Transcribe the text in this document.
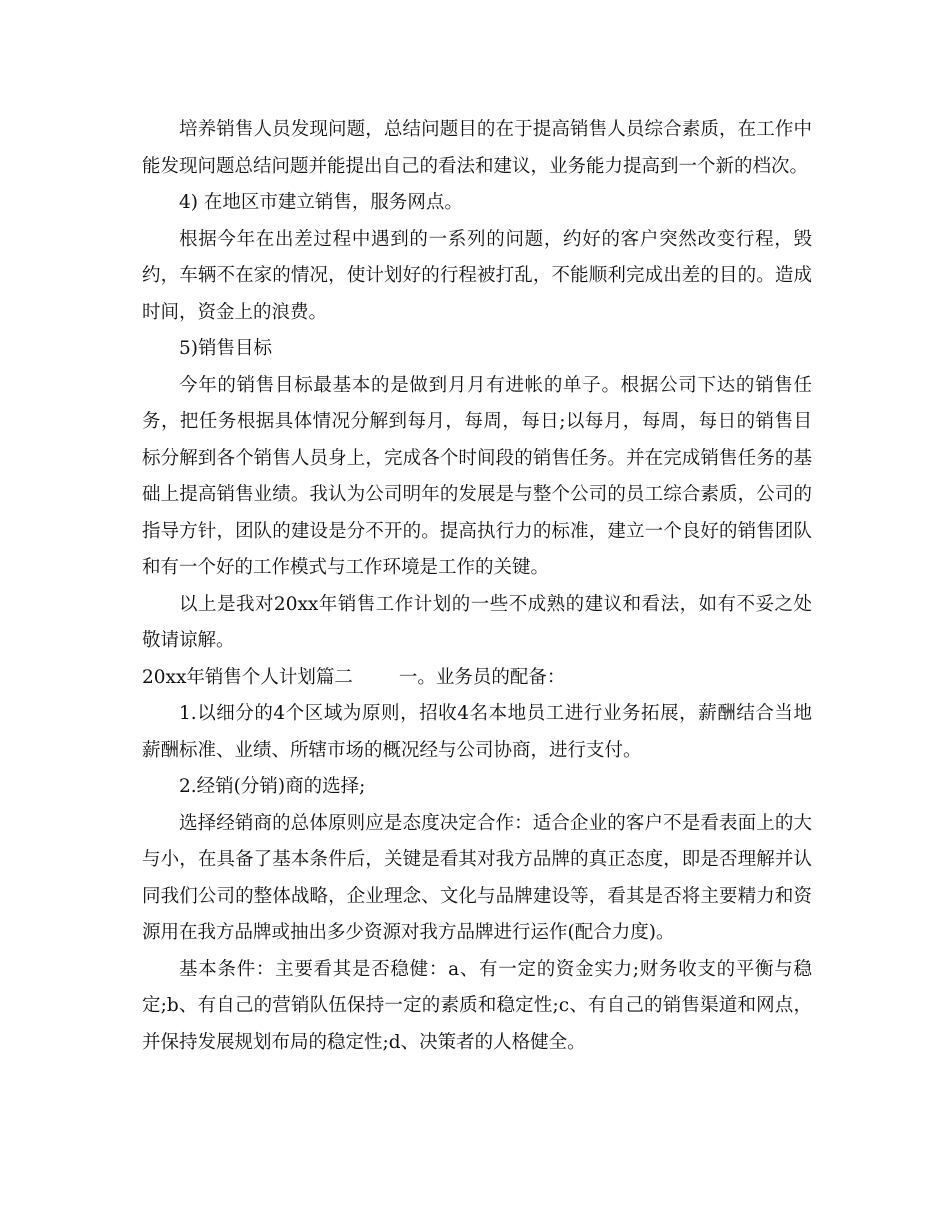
培养销售人员发现问题，总结问题目的在于提高销售人员综合素质，在工作中能发现问题总结问题并能提出自己的看法和建议，业务能力提高到一个新的档次。

4) 在地区市建立销售，服务网点。

根据今年在出差过程中遇到的一系列的问题，约好的客户突然改变行程，毁约，车辆不在家的情况，使计划好的行程被打乱，不能顺利完成出差的目的。造成时间，资金上的浪费。

5)销售目标

今年的销售目标最基本的是做到月月有进帐的单子。根据公司下达的销售任务，把任务根据具体情况分解到每月，每周，每日;以每月，每周，每日的销售目标分解到各个销售人员身上，完成各个时间段的销售任务。并在完成销售任务的基础上提高销售业绩。我认为公司明年的发展是与整个公司的员工综合素质，公司的指导方针，团队的建设是分不开的。提高执行力的标准，建立一个良好的销售团队和有一个好的工作模式与工作环境是工作的关键。

以上是我对20xx年销售工作计划的一些不成熟的建议和看法，如有不妥之处敬请谅解。

20xx年销售个人计划篇二 一。业务员的配备：

1.以细分的4个区域为原则，招收4名本地员工进行业务拓展，薪酬结合当地薪酬标准、业绩、所辖市场的概况经与公司协商，进行支付。

2.经销(分销)商的选择;

选择经销商的总体原则应是态度决定合作：适合企业的客户不是看表面上的大与小，在具备了基本条件后，关键是看其对我方品牌的真正态度，即是否理解并认同我们公司的整体战略，企业理念、文化与品牌建设等，看其是否将主要精力和资源用在我方品牌或抽出多少资源对我方品牌进行运作(配合力度)。

基本条件：主要看其是否稳健：a、有一定的资金实力;财务收支的平衡与稳定;b、有自己的营销队伍保持一定的素质和稳定性;c、有自己的销售渠道和网点，并保持发展规划布局的稳定性;d、决策者的人格健全。
